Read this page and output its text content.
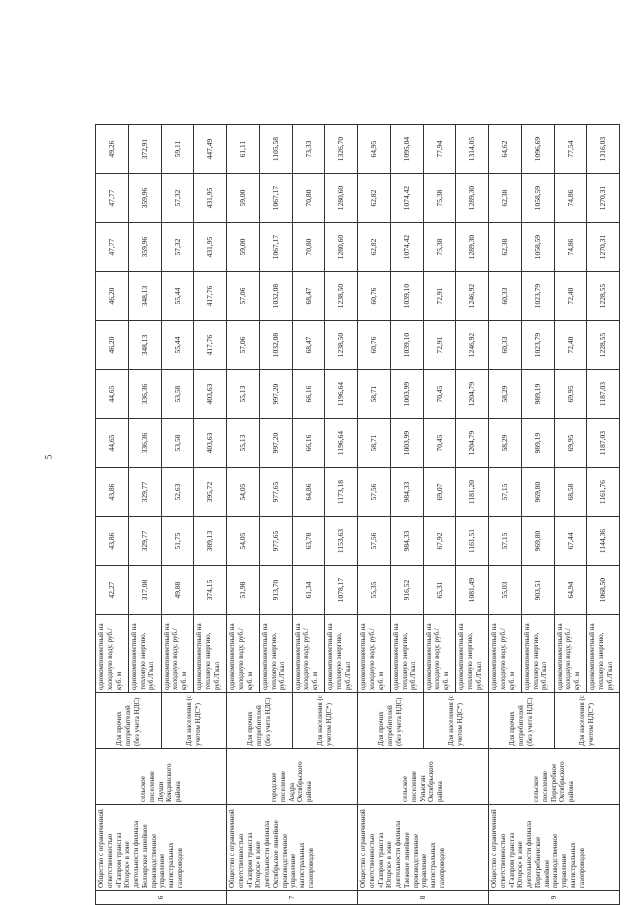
5
6	Общество с ограниченной ответственностью «Газпром трансгаз Югорск» в зоне деятельности филиала Белоярское линейное производственное управление магистральных газопроводов	сельское поселение Леуши Кондинского района	Для прочих потребителей (без учета НДС)	однокомпонентный на холодную воду, руб./куб. м	42,27	43,86	43,86	44,65	44,65	46,20	46,20	47,77	47,77	49,26
				однокомпонентный на тепловую энергию, руб./Гкал	317,08	329,77	329,77	336,36	336,36	348,13	348,13	359,96	359,96	372,91
			Для населения (с учетом НДС*)	однокомпонентный на холодную воду, руб./куб. м	49,88	51,75	52,63	53,58	53,58	55,44	55,44	57,32	57,32	59,11
				однокомпонентный на тепловую энергию, руб./Гкал	374,15	389,13	395,72	403,63	403,63	417,76	417,76	431,95	431,95	447,49
7	Общество с ограниченной ответственностью «Газпром трансгаз Югорск» в зоне деятельности филиала Октябрьское линейное производственное управление магистральных газопроводов	городское поселение Андра Октябрьского района	Для прочих потребителей (без учета НДС)	однокомпонентный на холодную воду, руб./куб. м	51,98	54,05	54,05	55,13	55,13	57,06	57,06	59,00	59,00	61,11
				однокомпонентный на тепловую энергию, руб./Гкал	913,70	977,65	977,65	997,20	997,20	1032,08	1032,08	1067,17	1067,17	1105,58
			Для населения (с учетом НДС*)	однокомпонентный на холодную воду, руб./куб. м	61,34	63,78	64,86	66,16	66,16	68,47	68,47	70,80	70,80	73,33
				однокомпонентный на тепловую энергию, руб./Гкал	1078,17	1153,63	1173,18	1196,64	1196,64	1238,50	1238,50	1280,60	1280,60	1326,70
8	Общество с ограниченной ответственностью «Газпром трансгаз Югорск» в зоне деятельности филиала Таежное линейное производственное управление магистральных газопроводов	сельское поселение Унъюган Октябрьского района	Для прочих потребителей (без учета НДС)	однокомпонентный на холодную воду, руб./куб. м	55,35	57,56	57,56	58,71	58,71	60,76	60,76	62,82	62,82	64,95
				однокомпонентный на тепловую энергию, руб./Гкал	916,52	984,33	984,33	1003,99	1003,99	1039,10	1039,10	1074,42	1074,42	1095,04
			Для населения (с учетом НДС*)	однокомпонентный на холодную воду, руб./куб. м	65,31	67,92	69,07	70,45	70,45	72,91	72,91	75,38	75,38	77,94
				однокомпонентный на тепловую энергию, руб./Гкал	1081,49	1161,51	1181,20	1204,79	1204,79	1246,92	1246,92	1289,30	1289,30	1314,05
9	Общество с ограниченной ответственностью «Газпром трансгаз Югорск» в зоне деятельности филиала Перегребненское линейное производственное управление магистральных газопроводов	сельское поселение Перегребное Октябрьского района	Для прочих потребителей (без учета НДС)	однокомпонентный на холодную воду, руб./куб. м	55,03	57,15	57,15	58,29	58,29	60,33	60,33	62,38	62,38	64,62
				однокомпонентный на тепловую энергию, руб./Гкал	903,51	969,80	969,80	989,19	989,19	1023,79	1023,79	1058,59	1058,59	1096,69
			Для населения (с учетом НДС*)	однокомпонентный на холодную воду, руб./куб. м	64,94	67,44	68,58	69,95	69,95	72,40	72,40	74,86	74,86	77,54
				однокомпонентный на тепловую энергию, руб./Гкал	1068,50	1144,36	1161,76	1187,03	1187,03	1228,55	1228,55	1270,31	1270,31	1316,03
